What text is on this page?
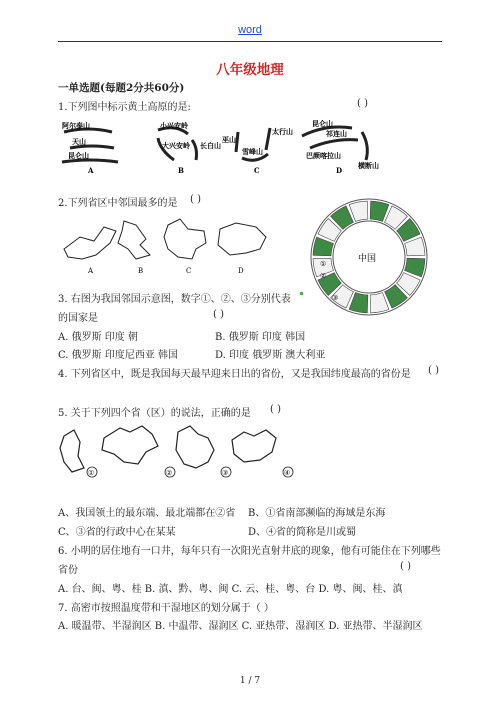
word
八年级地理
一单选题(每题2分共60分)
1.下列图中标示黄土高原的是:	( )
阿尔泰山
天山
昆仑山
A
小兴安岭
大兴安岭 长白山
B
巫山
太行山
雪峰山
C
昆仑山
祁连山
巴颜喀拉山
横断山
D
2.下列省区中邻国最多的是 ( )
A	B	C	D
中国
①
②
③
3. 右图为我国邻国示意图，数字①、②、③分别代表
的国家是	( )
A. 俄罗斯 印度 朝	B. 俄罗斯 印度 韩国
C. 俄罗斯 印度尼西亚 韩国	D. 印度 俄罗斯 澳大利亚
4. 下列省区中，既是我国每天最早迎来日出的省份，又是我国纬度最高的省份是 ( )
5. 关于下列四个省（区）的说法，正确的是 ( )
①	②	③	④
A、我国领土的最东端、最北端都在②省 B、①省南部濒临的海域是东海
C、③省的行政中心在某某	D、④省的简称是川或蜀
6. 小明的居住地有一口井，每年只有一次阳光直射井底的现象，他有可能住在下列哪些
省份	( )
A. 台、闽、粤、桂 B. 滇、黔、粤、闽 C. 云、桂、粤、台 D. 粤、闽、桂、滇
7. 高密市按照温度带和干湿地区的划分属于（ ）
A. 暖温带、半湿润区 B. 中温带、湿润区 C. 亚热带、湿润区 D. 亚热带、半湿润区
1 / 7
